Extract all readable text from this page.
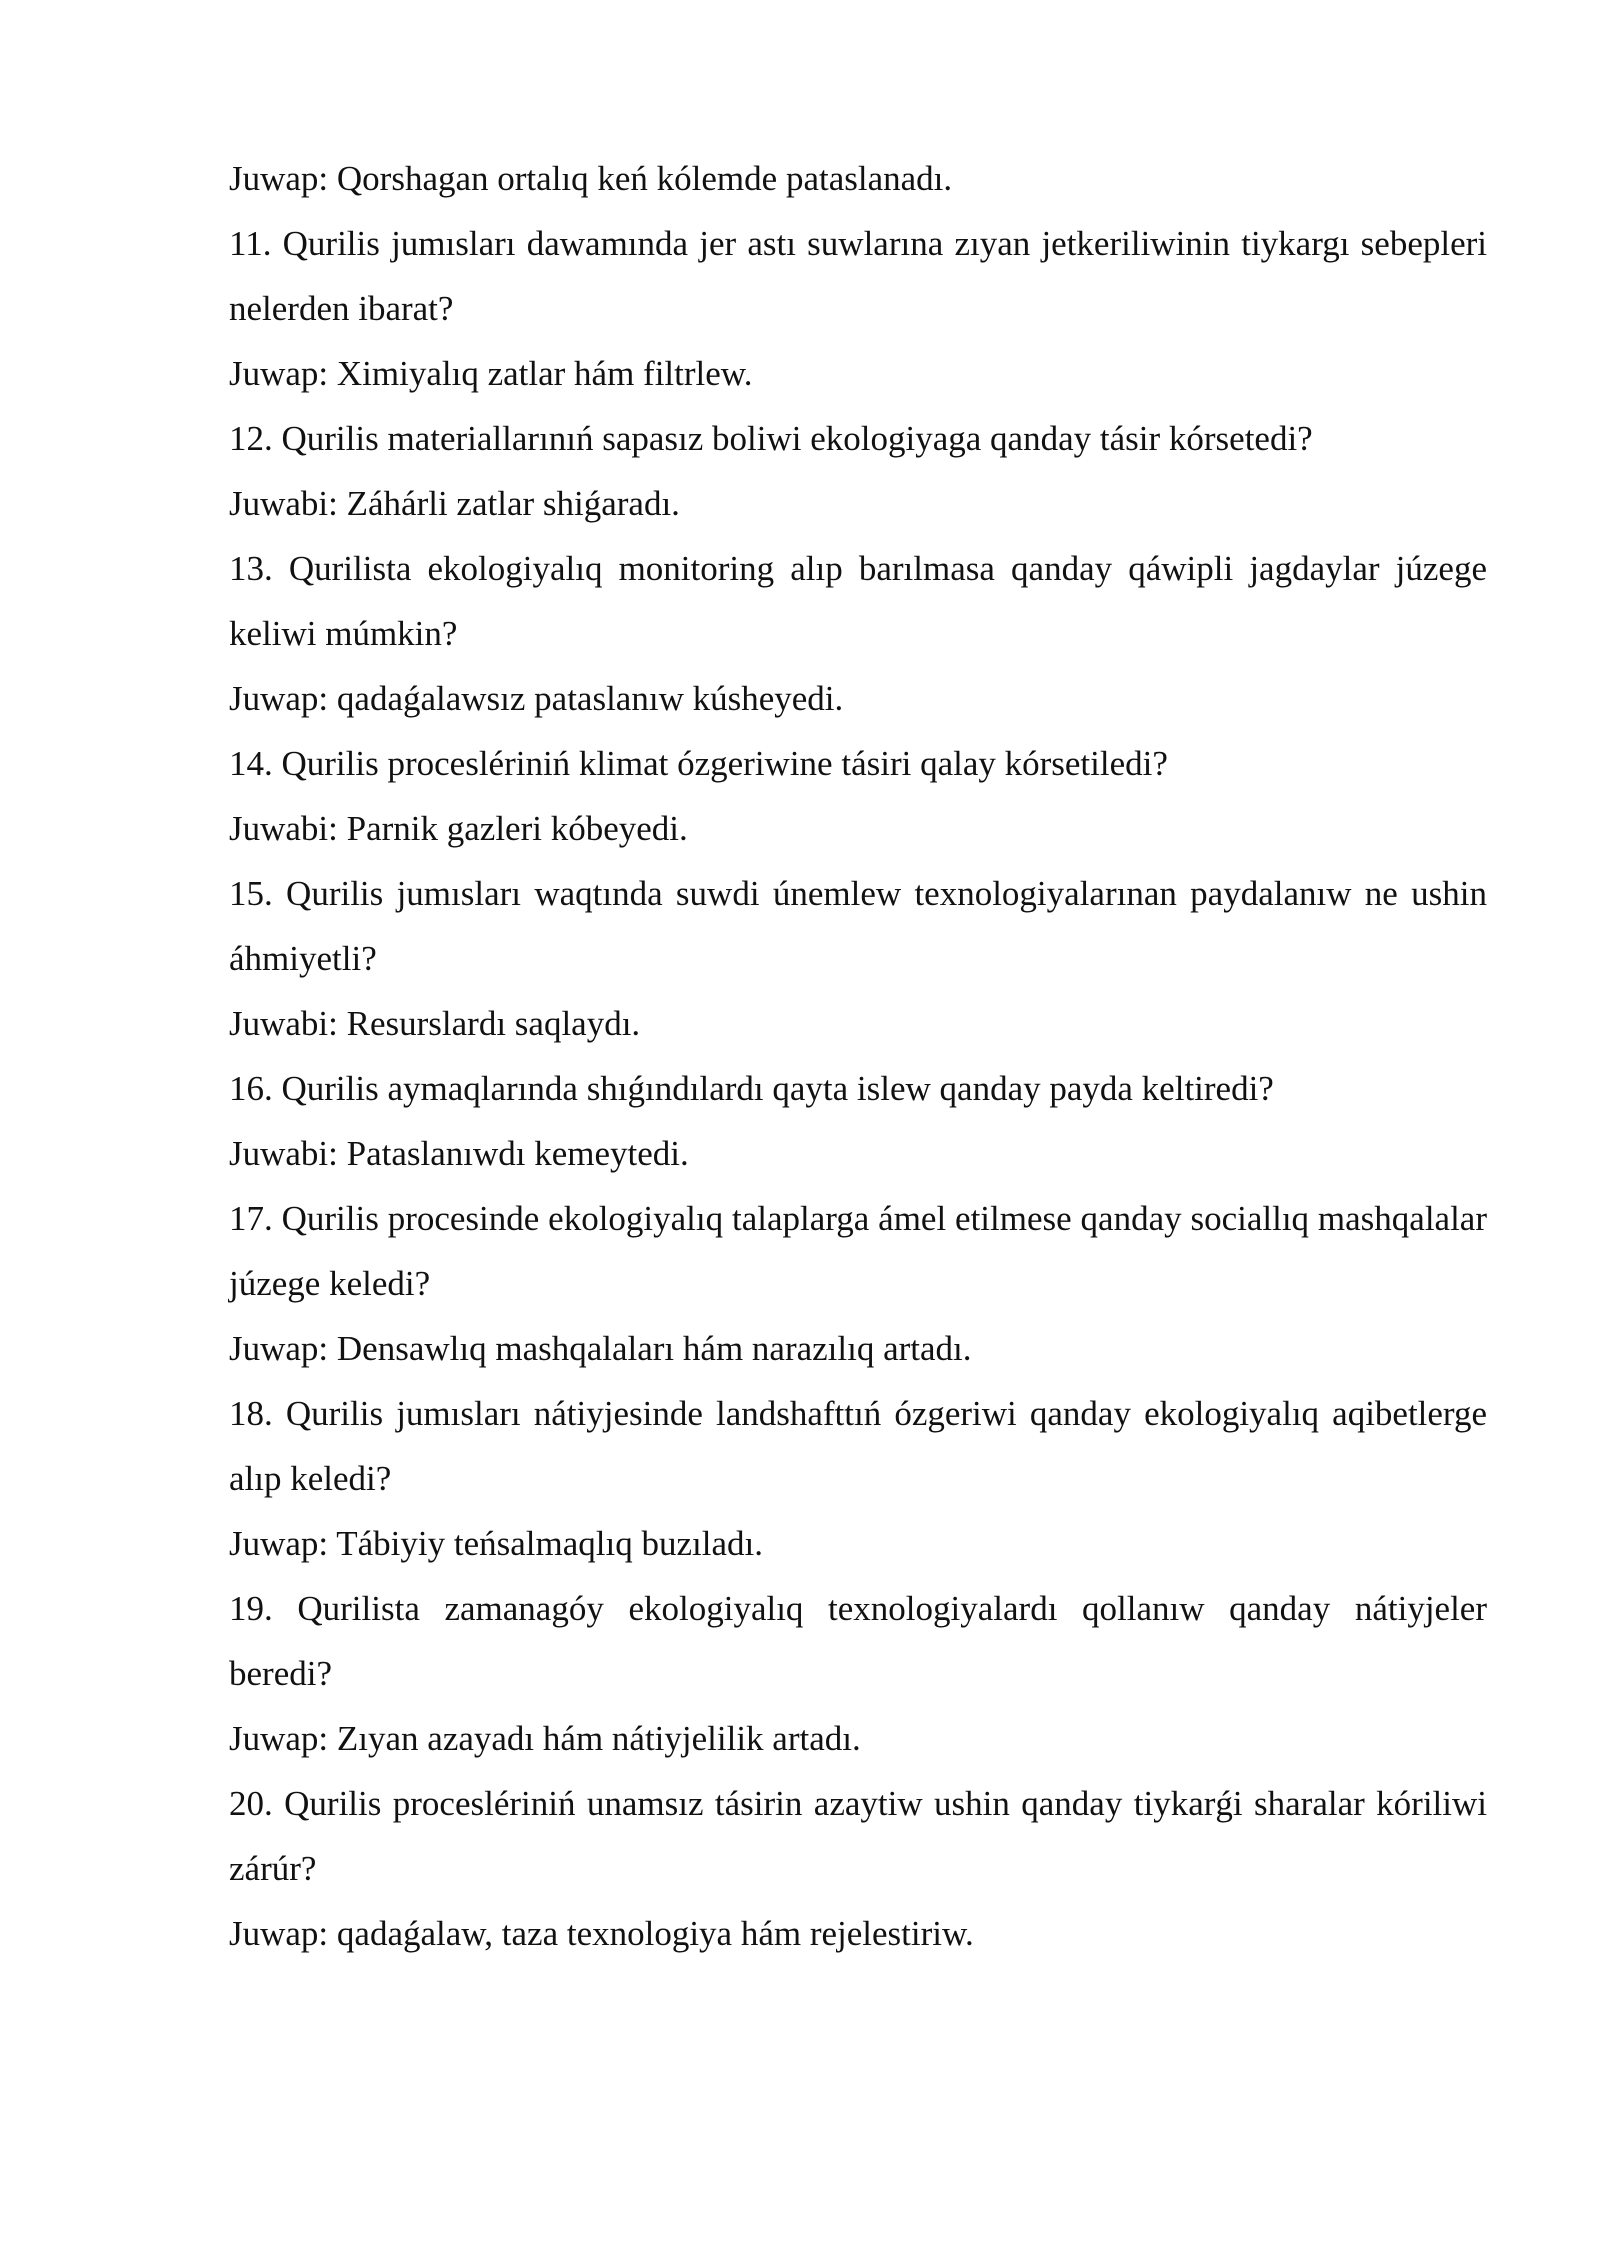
Juwap: Qorshagan ortalıq keń kólemde pataslanadı.

11. Qurilis jumısları dawamında jer astı suwlarına zıyan jetkeriliwinin tiykargı sebepleri nelerden ibarat?

Juwap: Ximiyalıq zatlar hám filtrlew.

12. Qurilis materiallarınıń sapasız boliwi ekologiyaga qanday tásir kórsetedi?

Juwabi: Záhárli zatlar shiǵaradı.

13. Qurilista ekologiyalıq monitoring alıp barılmasa qanday qáwipli jagdaylar júzege keliwi múmkin?

Juwap: qadaǵalawsız pataslanıw kúsheyedi.

14. Qurilis proceslériniń klimat ózgeriwine tásiri qalay kórsetiledi?

Juwabi: Parnik gazleri kóbeyedi.

15. Qurilis jumısları waqtında suwdi únemlew texnologiyalarınan paydalanıw ne ushin áhmiyetli?

Juwabi: Resurslardı saqlaydı.

16. Qurilis aymaqlarında shıǵındılardı qayta islew qanday payda keltiredi?

Juwabi: Pataslanıwdı kemeytedi.

17. Qurilis procesinde ekologiyalıq talaplarga ámel etilmese qanday sociallıq mashqalalar júzege keledi?

Juwap: Densawlıq mashqalaları hám narazılıq artadı.

18. Qurilis jumısları nátiyjesinde landshafttıń ózgeriwi qanday ekologiyalıq aqibetlerge alıp keledi?

Juwap: Tábiyiy teńsalmaqlıq buzıladı.

19. Qurilista zamanagóy ekologiyalıq texnologiyalardı qollanıw qanday nátiyjeler beredi?

Juwap: Zıyan azayadı hám nátiyjelilik artadı.

20. Qurilis proceslériniń unamsız tásirin azaytiw ushin qanday tiykarǵi sharalar kóriliwi zárúr?

Juwap: qadaǵalaw, taza texnologiya hám rejelestiriw.
